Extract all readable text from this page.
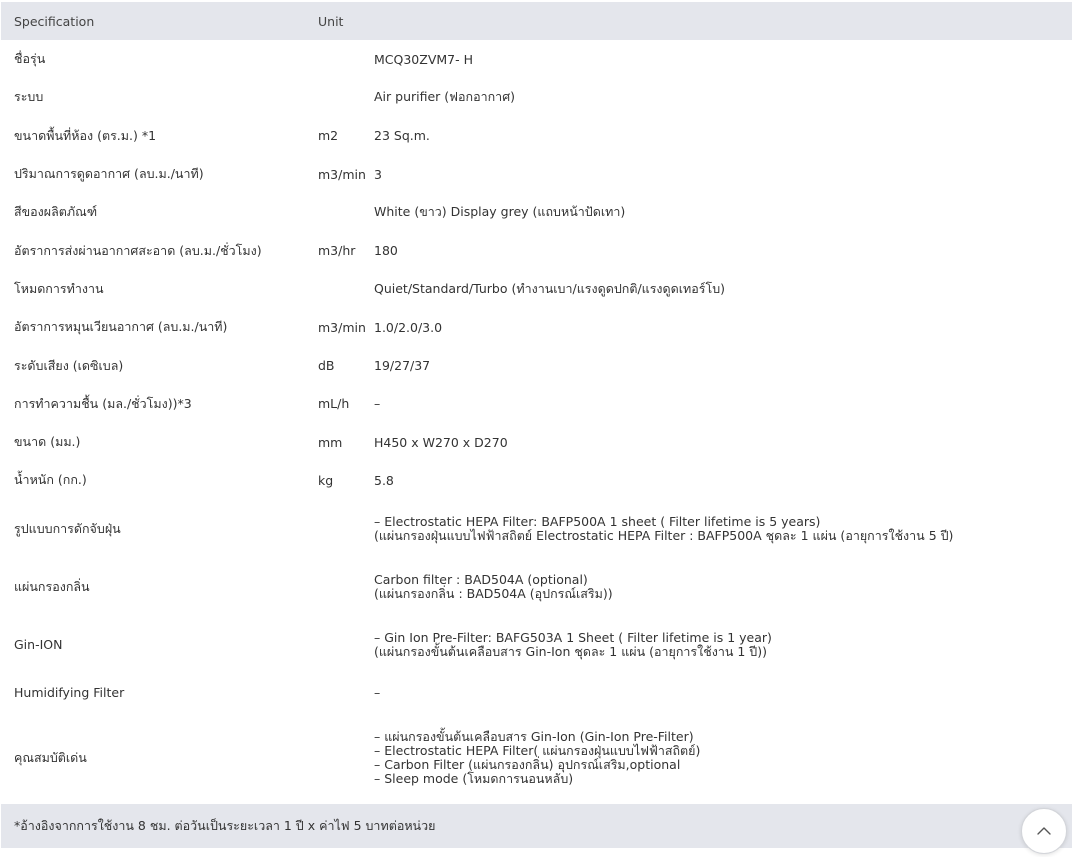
Specification	Unit	
ชื่อรุ่น		MCQ30ZVM7- H

ระบบ		Air purifier (ฟอกอากาศ)

ขนาดพื้นที่ห้อง (ตร.ม.) *1	m2	23 Sq.m.

ปริมาณการดูดอากาศ (ลบ.ม./นาที)	m3/min	3

สีของผลิตภัณฑ์		White (ขาว) Display grey (แถบหน้าปัดเทา)

อัตราการส่งผ่านอากาศสะอาด (ลบ.ม./ชั่วโมง)	m3/hr	180

โหมดการทำงาน		Quiet/Standard/Turbo (ทำงานเบา/แรงดูดปกติ/แรงดูดเทอร์โบ)

อัตราการหมุนเวียนอากาศ (ลบ.ม./นาที)	m3/min	1.0/2.0/3.0

ระดับเสียง (เดซิเบล)	dB	19/27/37

การทำความชื้น (มล./ชั่วโมง))*3	mL/h	–

ขนาด (มม.)	mm	H450 x W270 x D270

น้ำหนัก (กก.)	kg	5.8

รูปแบบการดักจับฝุ่น		– Electrostatic HEPA Filter: BAFP500A 1 sheet ( Filter lifetime is 5 years)
(แผ่นกรองฝุ่นแบบไฟฟ้าสถิตย์ Electrostatic HEPA Filter : BAFP500A ชุดละ 1 แผ่น (อายุการใช้งาน 5 ปี)

แผ่นกรองกลิ่น		Carbon filter : BAD504A (optional)
(แผ่นกรองกลิ่น : BAD504A (อุปกรณ์เสริม))

Gin-ION		– Gin Ion Pre-Filter: BAFG503A 1 Sheet ( Filter lifetime is 1 year)
(แผ่นกรองขั้นต้นเคลือบสาร Gin-Ion ชุดละ 1 แผ่น (อายุการใช้งาน 1 ปี))

Humidifying Filter		–

คุณสมบัติเด่น		– แผ่นกรองขั้นต้นเคลือบสาร Gin-Ion (Gin-Ion Pre-Filter)
– Electrostatic HEPA Filter( แผ่นกรองฝุ่นแบบไฟฟ้าสถิตย์)
– Carbon Filter (แผ่นกรองกลิ่น) อุปกรณ์เสริม,optional
– Sleep mode (โหมดการนอนหลับ)

*อ้างอิงจากการใช้งาน 8 ชม. ต่อวันเป็นระยะเวลา 1 ปี x ค่าไฟ 5 บาทต่อหน่วย		
